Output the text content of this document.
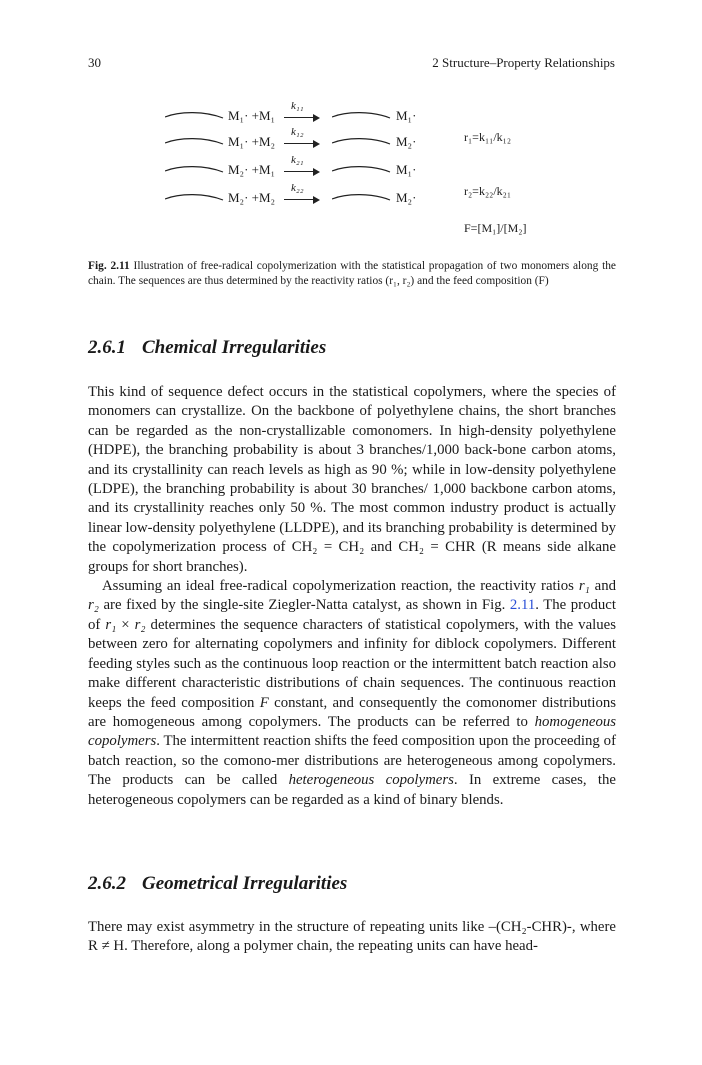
30	2 Structure–Property Relationships
M₁· +M₁
k₁₁
M₁·
M₁· +M₂
k₁₂
M₂·	r₁=k₁₁/k₁₂
M₂· +M₁
k₂₁
M₁·
M₂· +M₂
k₂₂
M₂·	r₂=k₂₂/k₂₁
F=[M₁]/[M₂]
Fig. 2.11 Illustration of free-radical copolymerization with the statistical propagation of two monomers along the chain. The sequences are thus determined by the reactivity ratios (r₁, r₂) and the feed composition (F)
2.6.1 Chemical Irregularities

This kind of sequence defect occurs in the statistical copolymers, where the species of monomers can crystallize. On the backbone of polyethylene chains, the short branches can be regarded as the non-crystallizable comonomers. In high-density polyethylene (HDPE), the branching probability is about 3 branches/1,000 back-bone carbon atoms, and its crystallinity can reach levels as high as 90 %; while in low-density polyethylene (LDPE), the branching probability is about 30 branches/ 1,000 backbone carbon atoms, and its crystallinity reaches only 50 %. The most common industry product is actually linear low-density polyethylene (LLDPE), and its branching probability is determined by the copolymerization process of CH₂ = CH₂ and CH₂ = CHR (R means side alkane groups for short branches).

Assuming an ideal free-radical copolymerization reaction, the reactivity ratios r₁ and r₂ are fixed by the single-site Ziegler-Natta catalyst, as shown in Fig. 2.11. The product of r₁ × r₂ determines the sequence characters of statistical copolymers, with the values between zero for alternating copolymers and infinity for diblock copolymers. Different feeding styles such as the continuous loop reaction or the intermittent batch reaction also make different characteristic distributions of chain sequences. The continuous reaction keeps the feed composition F constant, and consequently the comonomer distributions are homogeneous among copolymers. The products can be referred to homogeneous copolymers. The intermittent reaction shifts the feed composition upon the proceeding of batch reaction, so the comono-mer distributions are heterogeneous among copolymers. The products can be called heterogeneous copolymers. In extreme cases, the heterogeneous copolymers can be regarded as a kind of binary blends.

2.6.2 Geometrical Irregularities

There may exist asymmetry in the structure of repeating units like –(CH₂-CHR)-, where R ≠ H. Therefore, along a polymer chain, the repeating units can have head-
